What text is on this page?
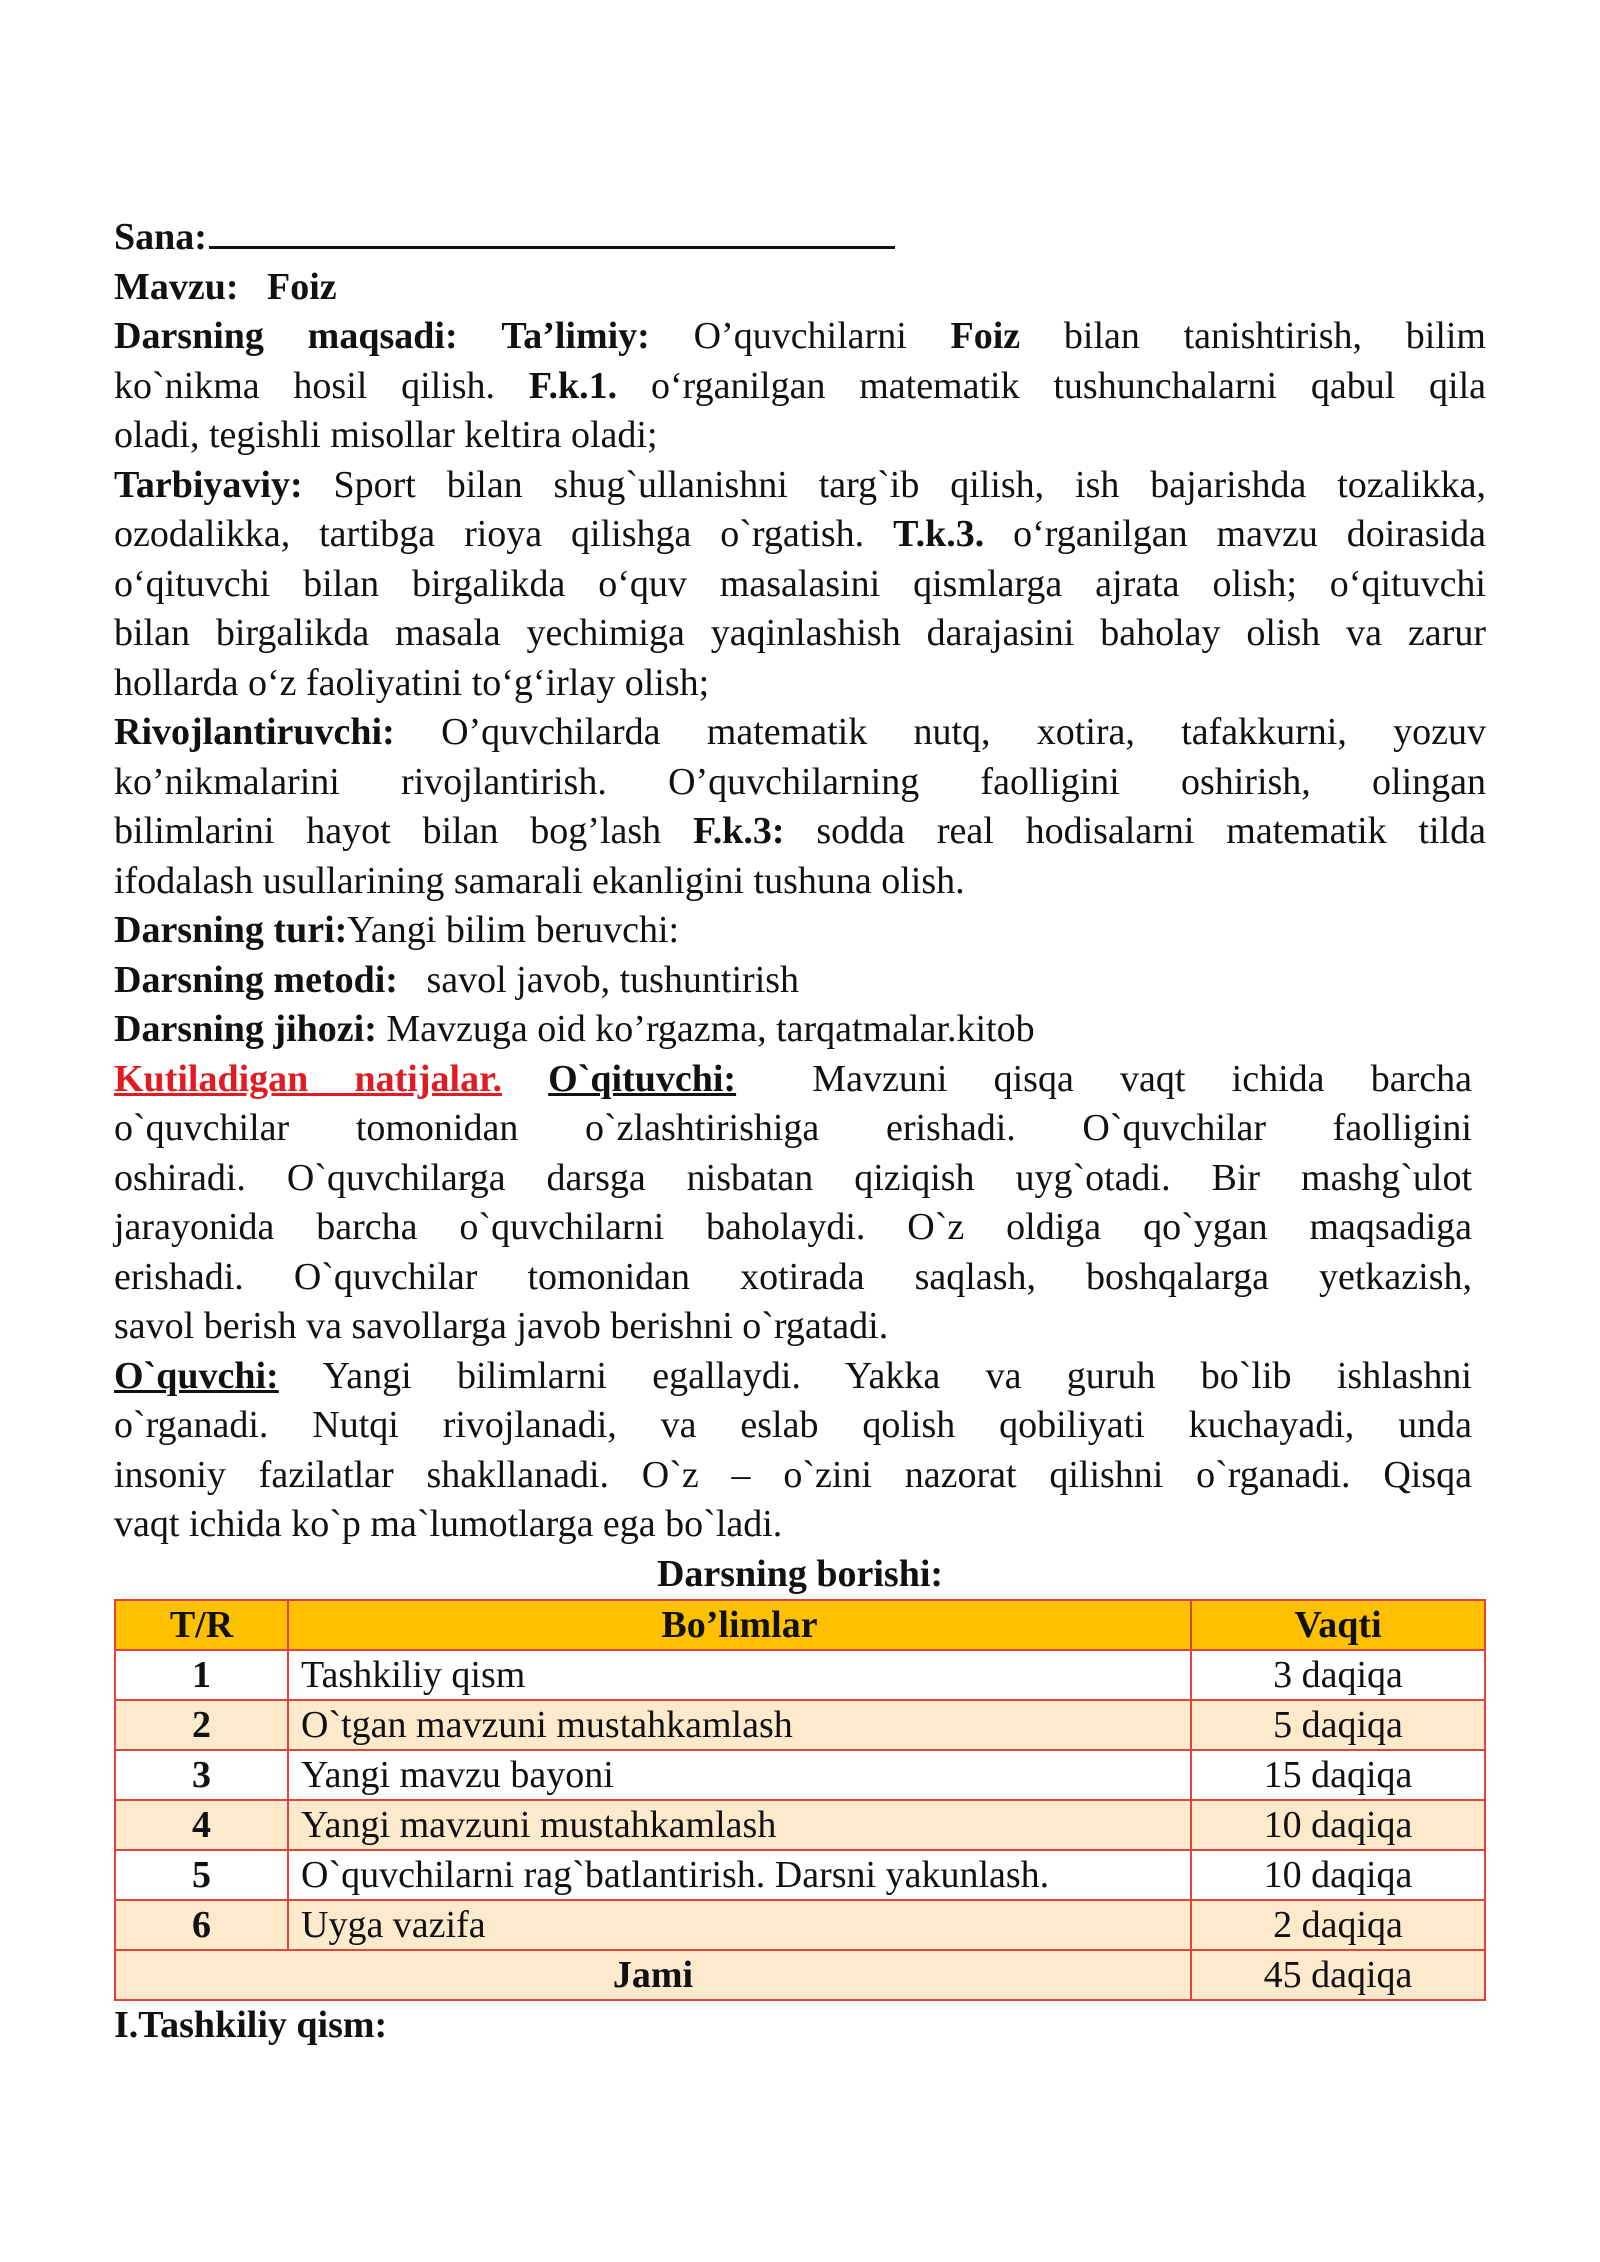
Sana:
Mavzu: Foiz
Darsning maqsadi: Ta’limiy: O’quvchilarni Foiz bilan tanishtirish, bilim
ko`nikma hosil qilish. F.k.1. o‘rganilgan matematik tushunchalarni qabul qila
oladi, tegishli misollar keltira oladi;
Tarbiyaviy: Sport bilan shug`ullanishni targ`ib qilish, ish bajarishda tozalikka,
ozodalikka, tartibga rioya qilishga o`rgatish. T.k.3. o‘rganilgan mavzu doirasida
o‘qituvchi bilan birgalikda o‘quv masalasini qismlarga ajrata olish; o‘qituvchi
bilan birgalikda masala yechimiga yaqinlashish darajasini baholay olish va zarur
hollarda o‘z faoliyatini to‘g‘irlay olish;
Rivojlantiruvchi: O’quvchilarda matematik nutq, xotira, tafakkurni, yozuv
ko’nikmalarini rivojlantirish. O’quvchilarning faolligini oshirish, olingan
bilimlarini hayot bilan bog’lash F.k.3: sodda real hodisalarni matematik tilda
ifodalash usullarining samarali ekanligini tushuna olish.
Darsning turi:Yangi bilim beruvchi:
Darsning metodi: savol javob, tushuntirish
Darsning jihozi: Mavzuga oid ko’rgazma, tarqatmalar.kitob
Kutiladigan natijalar. O`qituvchi: Mavzuni qisqa vaqt ichida barcha
o`quvchilar tomonidan o`zlashtirishiga erishadi. O`quvchilar faolligini
oshiradi. O`quvchilarga darsga nisbatan qiziqish uyg`otadi. Bir mashg`ulot
jarayonida barcha o`quvchilarni baholaydi. O`z oldiga qo`ygan maqsadiga
erishadi. O`quvchilar tomonidan xotirada saqlash, boshqalarga yetkazish,
savol berish va savollarga javob berishni o`rgatadi.
O`quvchi: Yangi bilimlarni egallaydi. Yakka va guruh bo`lib ishlashni
o`rganadi. Nutqi rivojlanadi, va eslab qolish qobiliyati kuchayadi, unda
insoniy fazilatlar shakllanadi. O`z – o`zini nazorat qilishni o`rganadi. Qisqa
vaqt ichida ko`p ma`lumotlarga ega bo`ladi.
Darsning borishi:
T/R	Bo’limlar	Vaqti
1	Tashkiliy qism	3 daqiqa
2	O`tgan mavzuni mustahkamlash	5 daqiqa
3	Yangi mavzu bayoni	15 daqiqa
4	Yangi mavzuni mustahkamlash	10 daqiqa
5	O`quvchilarni rag`batlantirish. Darsni yakunlash.	10 daqiqa
6	Uyga vazifa	2 daqiqa
Jami		45 daqiqa
I.Tashkiliy qism:
